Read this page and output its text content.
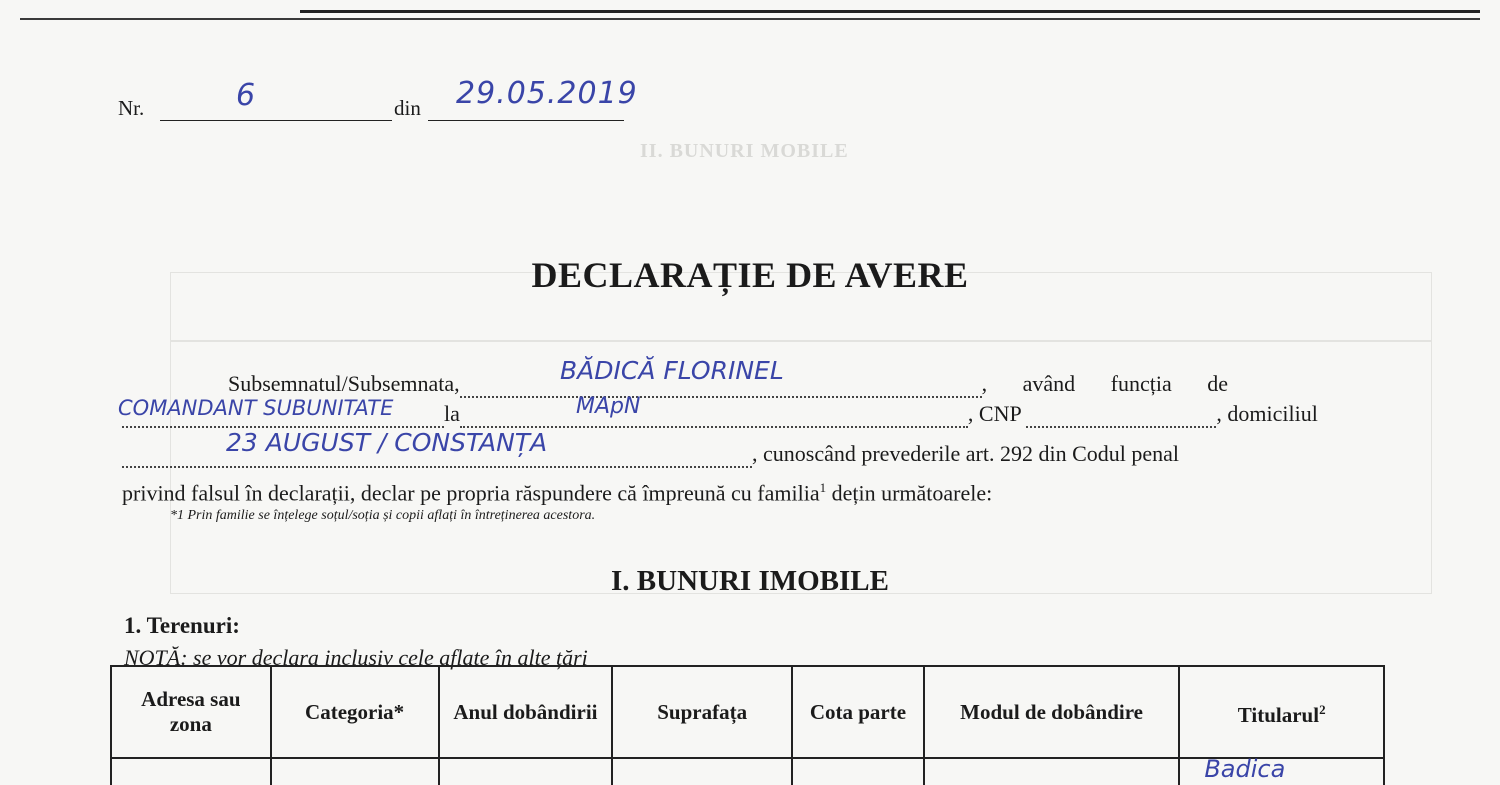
II. BUNURI MOBILE
Nr.	6	din 29.05.2019
DECLARAȚIE DE AVERE
Subsemnatul/Subsemnata,	, având funcția de
BĂDICĂ FLORINEL
la	, CNP	, domiciliul
COMANDANT SUBUNITATE	MApN
, cunoscând prevederile art. 292 din Codul penal
23 AUGUST / CONSTANȚA
privind falsul în declarații, declar pe propria răspundere că împreună cu familia$^1$ dețin următoarele:
*1 Prin familie se înțelege soțul/soția și copii aflați în întreținerea acestora.
I. BUNURI IMOBILE
1. Terenuri:
NOTĂ: se vor declara inclusiv cele aflate în alte țări
Adresa sau zona	Categoria*	Anul dobândirii	Suprafața	Cota parte	Modul de dobândire	Titularul$^2$

						Badica
